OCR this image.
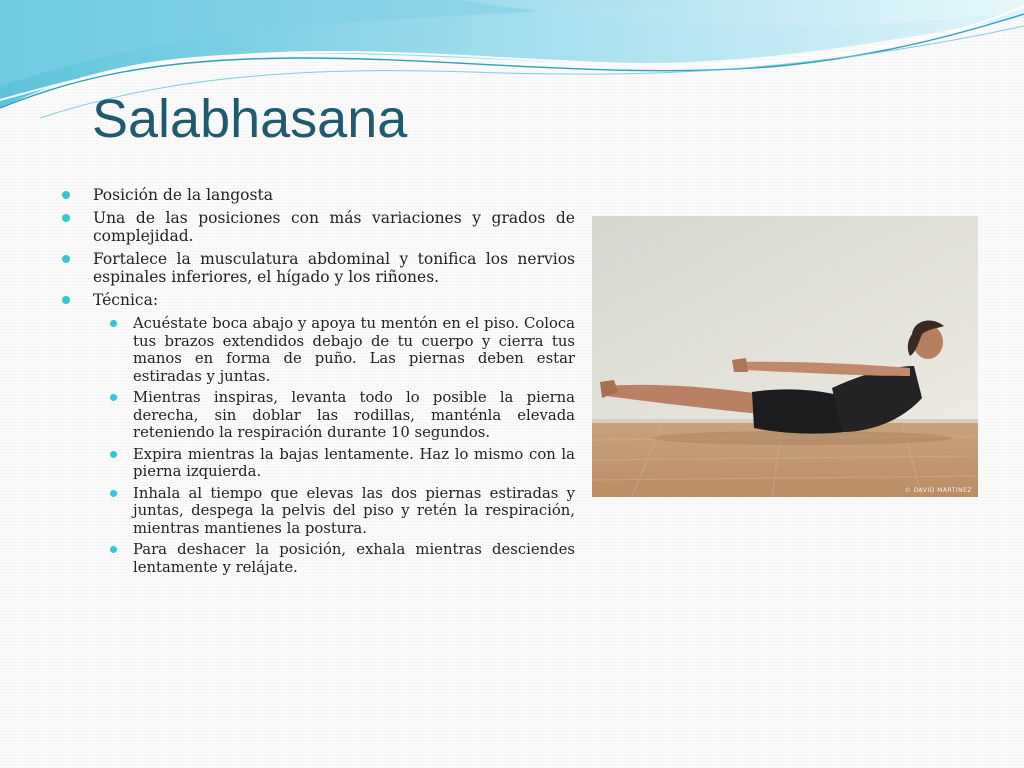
Salabhasana
Posición de la langosta
Una de las posiciones con más variaciones y grados de complejidad.
Fortalece la musculatura abdominal y tonifica los nervios espinales inferiores, el hígado y los riñones.
Técnica:
Acuéstate boca abajo y apoya tu mentón en el piso. Coloca tus brazos extendidos debajo de tu cuerpo y cierra tus manos en forma de puño. Las piernas deben estar estiradas y juntas.
Mientras inspiras, levanta todo lo posible la pierna derecha, sin doblar las rodillas, manténla elevada reteniendo la respiración durante 10 segundos.
Expira mientras la bajas lentamente. Haz lo mismo con la pierna izquierda.
Inhala al tiempo que elevas las dos piernas estiradas y juntas, despega la pelvis del piso y retén la respiración, mientras mantienes la postura.
Para deshacer la posición, exhala mientras desciendes lentamente y relájate.
© DAVID MARTINEZ
